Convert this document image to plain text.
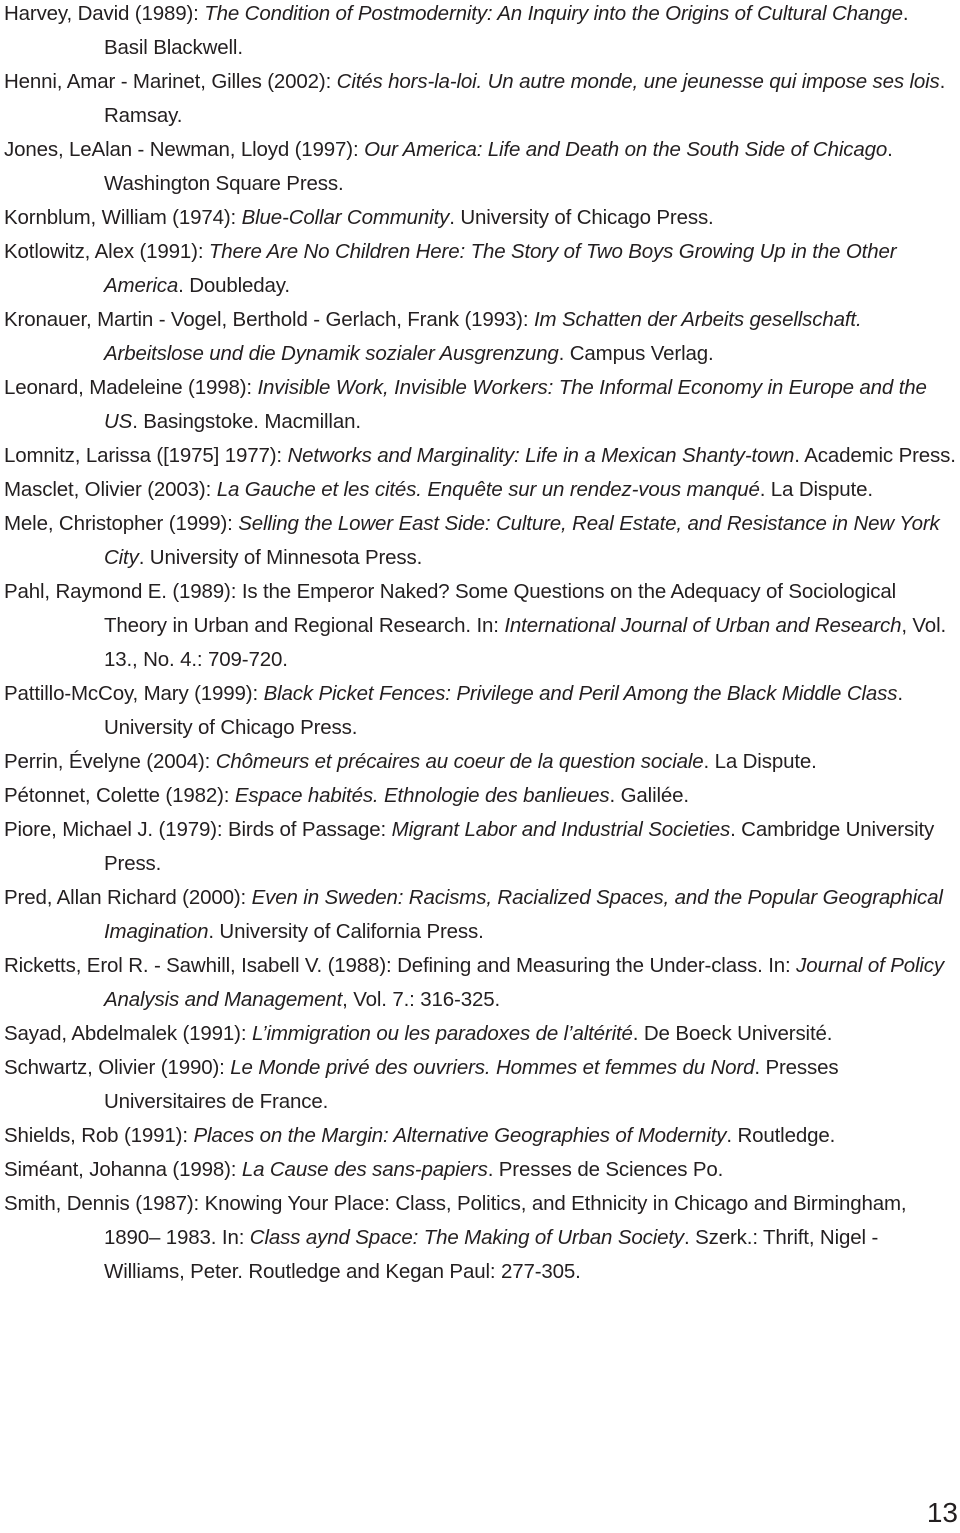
Harvey, David (1989): The Condition of Postmodernity: An Inquiry into the Origins of Cultural Change. Basil Blackwell.
Henni, Amar - Marinet, Gilles (2002): Cités hors-la-loi. Un autre monde, une jeunesse qui impose ses lois. Ramsay.
Jones, LeAlan - Newman, Lloyd (1997): Our America: Life and Death on the South Side of Chicago. Washington Square Press.
Kornblum, William (1974): Blue-Collar Community. University of Chicago Press.
Kotlowitz, Alex (1991): There Are No Children Here: The Story of Two Boys Growing Up in the Other America. Doubleday.
Kronauer, Martin - Vogel, Berthold - Gerlach, Frank (1993): Im Schatten der Arbeits gesellschaft. Arbeitslose und die Dynamik sozialer Ausgrenzung. Campus Verlag.
Leonard, Madeleine (1998): Invisible Work, Invisible Workers: The Informal Economy in Europe and the US. Basingstoke. Macmillan.
Lomnitz, Larissa ([1975] 1977): Networks and Marginality: Life in a Mexican Shanty-town. Academic Press.
Masclet, Olivier (2003): La Gauche et les cités. Enquête sur un rendez-vous manqué. La Dispute.
Mele, Christopher (1999): Selling the Lower East Side: Culture, Real Estate, and Resistance in New York City. University of Minnesota Press.
Pahl, Raymond E. (1989): Is the Emperor Naked? Some Questions on the Adequacy of Sociological Theory in Urban and Regional Research. In: International Journal of Urban and Research, Vol. 13., No. 4.: 709-720.
Pattillo-McCoy, Mary (1999): Black Picket Fences: Privilege and Peril Among the Black Middle Class. University of Chicago Press.
Perrin, Évelyne (2004): Chômeurs et précaires au coeur de la question sociale. La Dispute.
Pétonnet, Colette (1982): Espace habités. Ethnologie des banlieues. Galilée.
Piore, Michael J. (1979): Birds of Passage: Migrant Labor and Industrial Societies. Cambridge University Press.
Pred, Allan Richard (2000): Even in Sweden: Racisms, Racialized Spaces, and the Popular Geographical Imagination. University of California Press.
Ricketts, Erol R. - Sawhill, Isabell V. (1988): Defining and Measuring the Under-class. In: Journal of Policy Analysis and Management, Vol. 7.: 316-325.
Sayad, Abdelmalek (1991): L’immigration ou les paradoxes de l’altérité. De Boeck Université.
Schwartz, Olivier (1990): Le Monde privé des ouvriers. Hommes et femmes du Nord. Presses Universitaires de France.
Shields, Rob (1991): Places on the Margin: Alternative Geographies of Modernity. Routledge.
Siméant, Johanna (1998): La Cause des sans-papiers. Presses de Sciences Po.
Smith, Dennis (1987): Knowing Your Place: Class, Politics, and Ethnicity in Chicago and Birmingham, 1890– 1983. In: Class aynd Space: The Making of Urban Society. Szerk.: Thrift, Nigel - Williams, Peter. Routledge and Kegan Paul: 277-305.
13
